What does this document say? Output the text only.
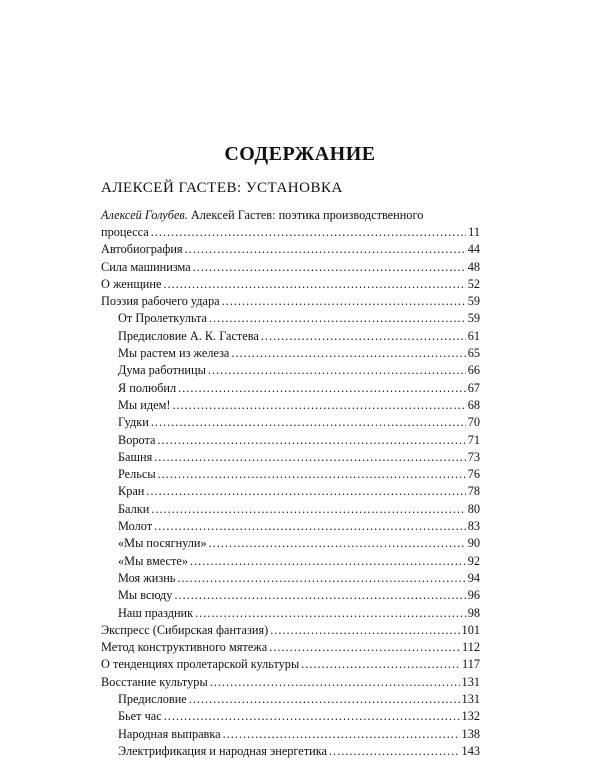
СОДЕРЖАНИЕ
АЛЕКСЕЙ ГАСТЕВ: УСТАНОВКА
Алексей Голубев. Алексей Гастев: поэтика производственного
процесса .....	11
Автобиография .....	44
Сила машинизма .....	48
О женщине .....	52
Поэзия рабочего удара .....	59
От Пролеткульта .....	59
Предисловие А. К. Гастева .....	61
Мы растем из железа .....	65
Дума работницы .....	66
Я полюбил .....	67
Мы идем! .....	68
Гудки .....	70
Ворота .....	71
Башня .....	73
Рельсы .....	76
Кран .....	78
Балки .....	80
Молот .....	83
«Мы посягнули» .....	90
«Мы вместе» .....	92
Моя жизнь .....	94
Мы всюду .....	96
Наш праздник .....	98
Экспресс (Сибирская фантазия) .....	101
Метод конструктивного мятежа .....	112
О тенденциях пролетарской культуры .....	117
Восстание культуры .....	131
Предисловие .....	131
Бьет час .....	132
Народная выправка .....	138
Электрификация и народная энергетика .....	143
